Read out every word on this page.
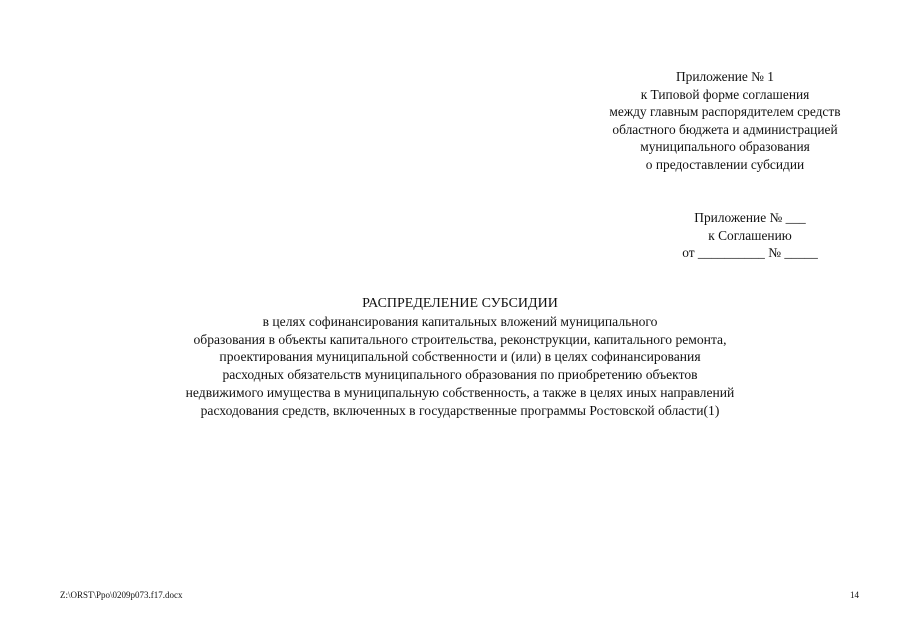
Приложение № 1
к Типовой форме соглашения
между главным распорядителем средств
областного бюджета и администрацией
муниципального образования
о предоставлении субсидии
Приложение № ___
к Соглашению
от __________ № _____
РАСПРЕДЕЛЕНИЕ СУБСИДИИ
в целях софинансирования капитальных вложений муниципального
образования в объекты капитального строительства, реконструкции, капитального ремонта,
проектирования муниципальной собственности и (или) в целях софинансирования
расходных обязательств муниципального образования по приобретению объектов
недвижимого имущества в муниципальную собственность, а также в целях иных направлений
расходования средств, включенных в государственные программы Ростовской области(1)
Z:\ORST\Ppo\0209p073.f17.docx	14
